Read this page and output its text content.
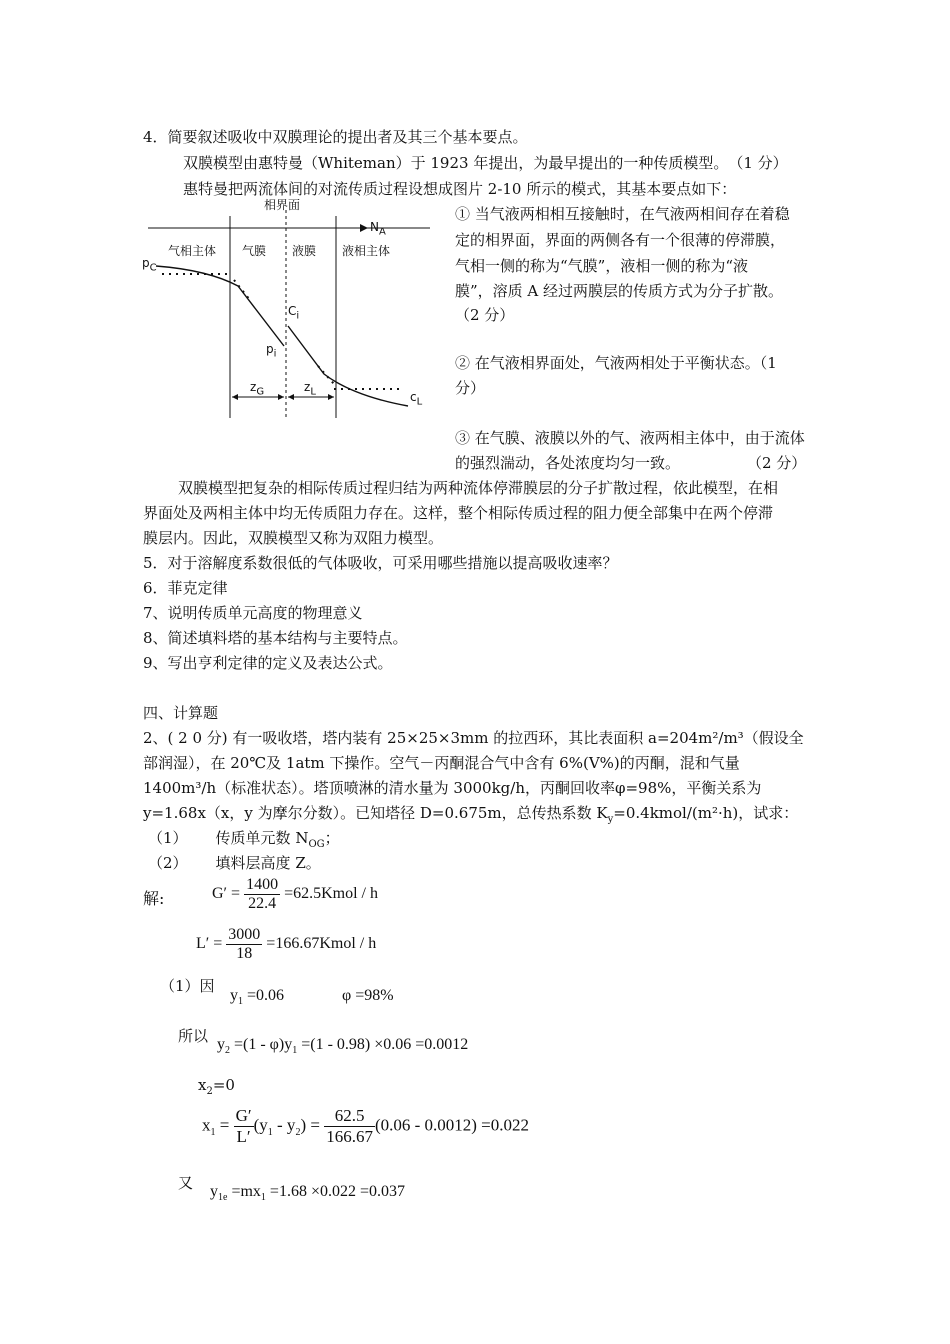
4．简要叙述吸收中双膜理论的提出者及其三个基本要点。
双膜模型由惠特曼（Whiteman）于 1923 年提出，为最早提出的一种传质模型。　（1 分）
惠特曼把两流体间的对流传质过程设想成图片 2-10 所示的模式，其基本要点如下：
相界面
$N_A$
气相主体 气膜 液膜 液相主体
$p_C$
$C_i$
$p_i$
$z_G$	$z_L$	$c_L$
① 当气液两相相互接触时，在气液两相间存在着稳
定的相界面，界面的两侧各有一个很薄的停滞膜，
气相一侧的称为“气膜”，液相一侧的称为“液
膜”，溶质 A 经过两膜层的传质方式为分子扩散。
（2 分）
② 在气液相界面处，气液两相处于平衡状态。（1
分）
③ 在气膜、液膜以外的气、液两相主体中，由于流体
的强烈湍动，各处浓度均匀一致。	（2 分）
双膜模型把复杂的相际传质过程归结为两种流体停滞膜层的分子扩散过程，依此模型，在相
界面处及两相主体中均无传质阻力存在。这样，整个相际传质过程的阻力便全部集中在两个停滞
膜层内。因此，双膜模型又称为双阻力模型。
5．对于溶解度系数很低的气体吸收，可采用哪些措施以提高吸收速率？
6．菲克定律
7、说明传质单元高度的物理意义
8、简述填料塔的基本结构与主要特点。
9、写出亨利定律的定义及表达公式。
四、计算题
2、( 2 0 分) 有一吸收塔，塔内装有 25×25×3mm 的拉西环，其比表面积 a=204m²/m³（假设全
部润湿），在 20℃及 1atm 下操作。空气－丙酮混合气中含有 6%(V%)的丙酮，混和气量
1400m³/h（标准状态）。塔顶喷淋的清水量为 3000kg/h，丙酮回收率φ=98%，平衡关系为
y=1.68x（x，y 为摩尔分数）。已知塔径 D=0.675m，总传热系数 $K_y=0.4kmol/(m^2\cdot h)$，试求：
（1） 传质单元数 $N_{OG}$；
（2） 填料层高度 Z。
解:	$G' = \frac{1400}{22.4}$ =62.5Kmol / h
$L' = \frac{3000}{18}$ =166.67Kmol / h
（1）因
$y_1 =0.06$	φ =98%
所以 $y_2 =(1 - \varphi)y_1 =(1 - 0.98) \times 0.06 =0.0012$
$x_2=0$
$x_1 = \frac{G'}{L'} (y_1 - y_2) = \frac{62.5}{166.67} (0.06 - 0.0012) =0.022$
又 $y_{1e} =mx_1 =1.68 \times 0.022 =0.037$
